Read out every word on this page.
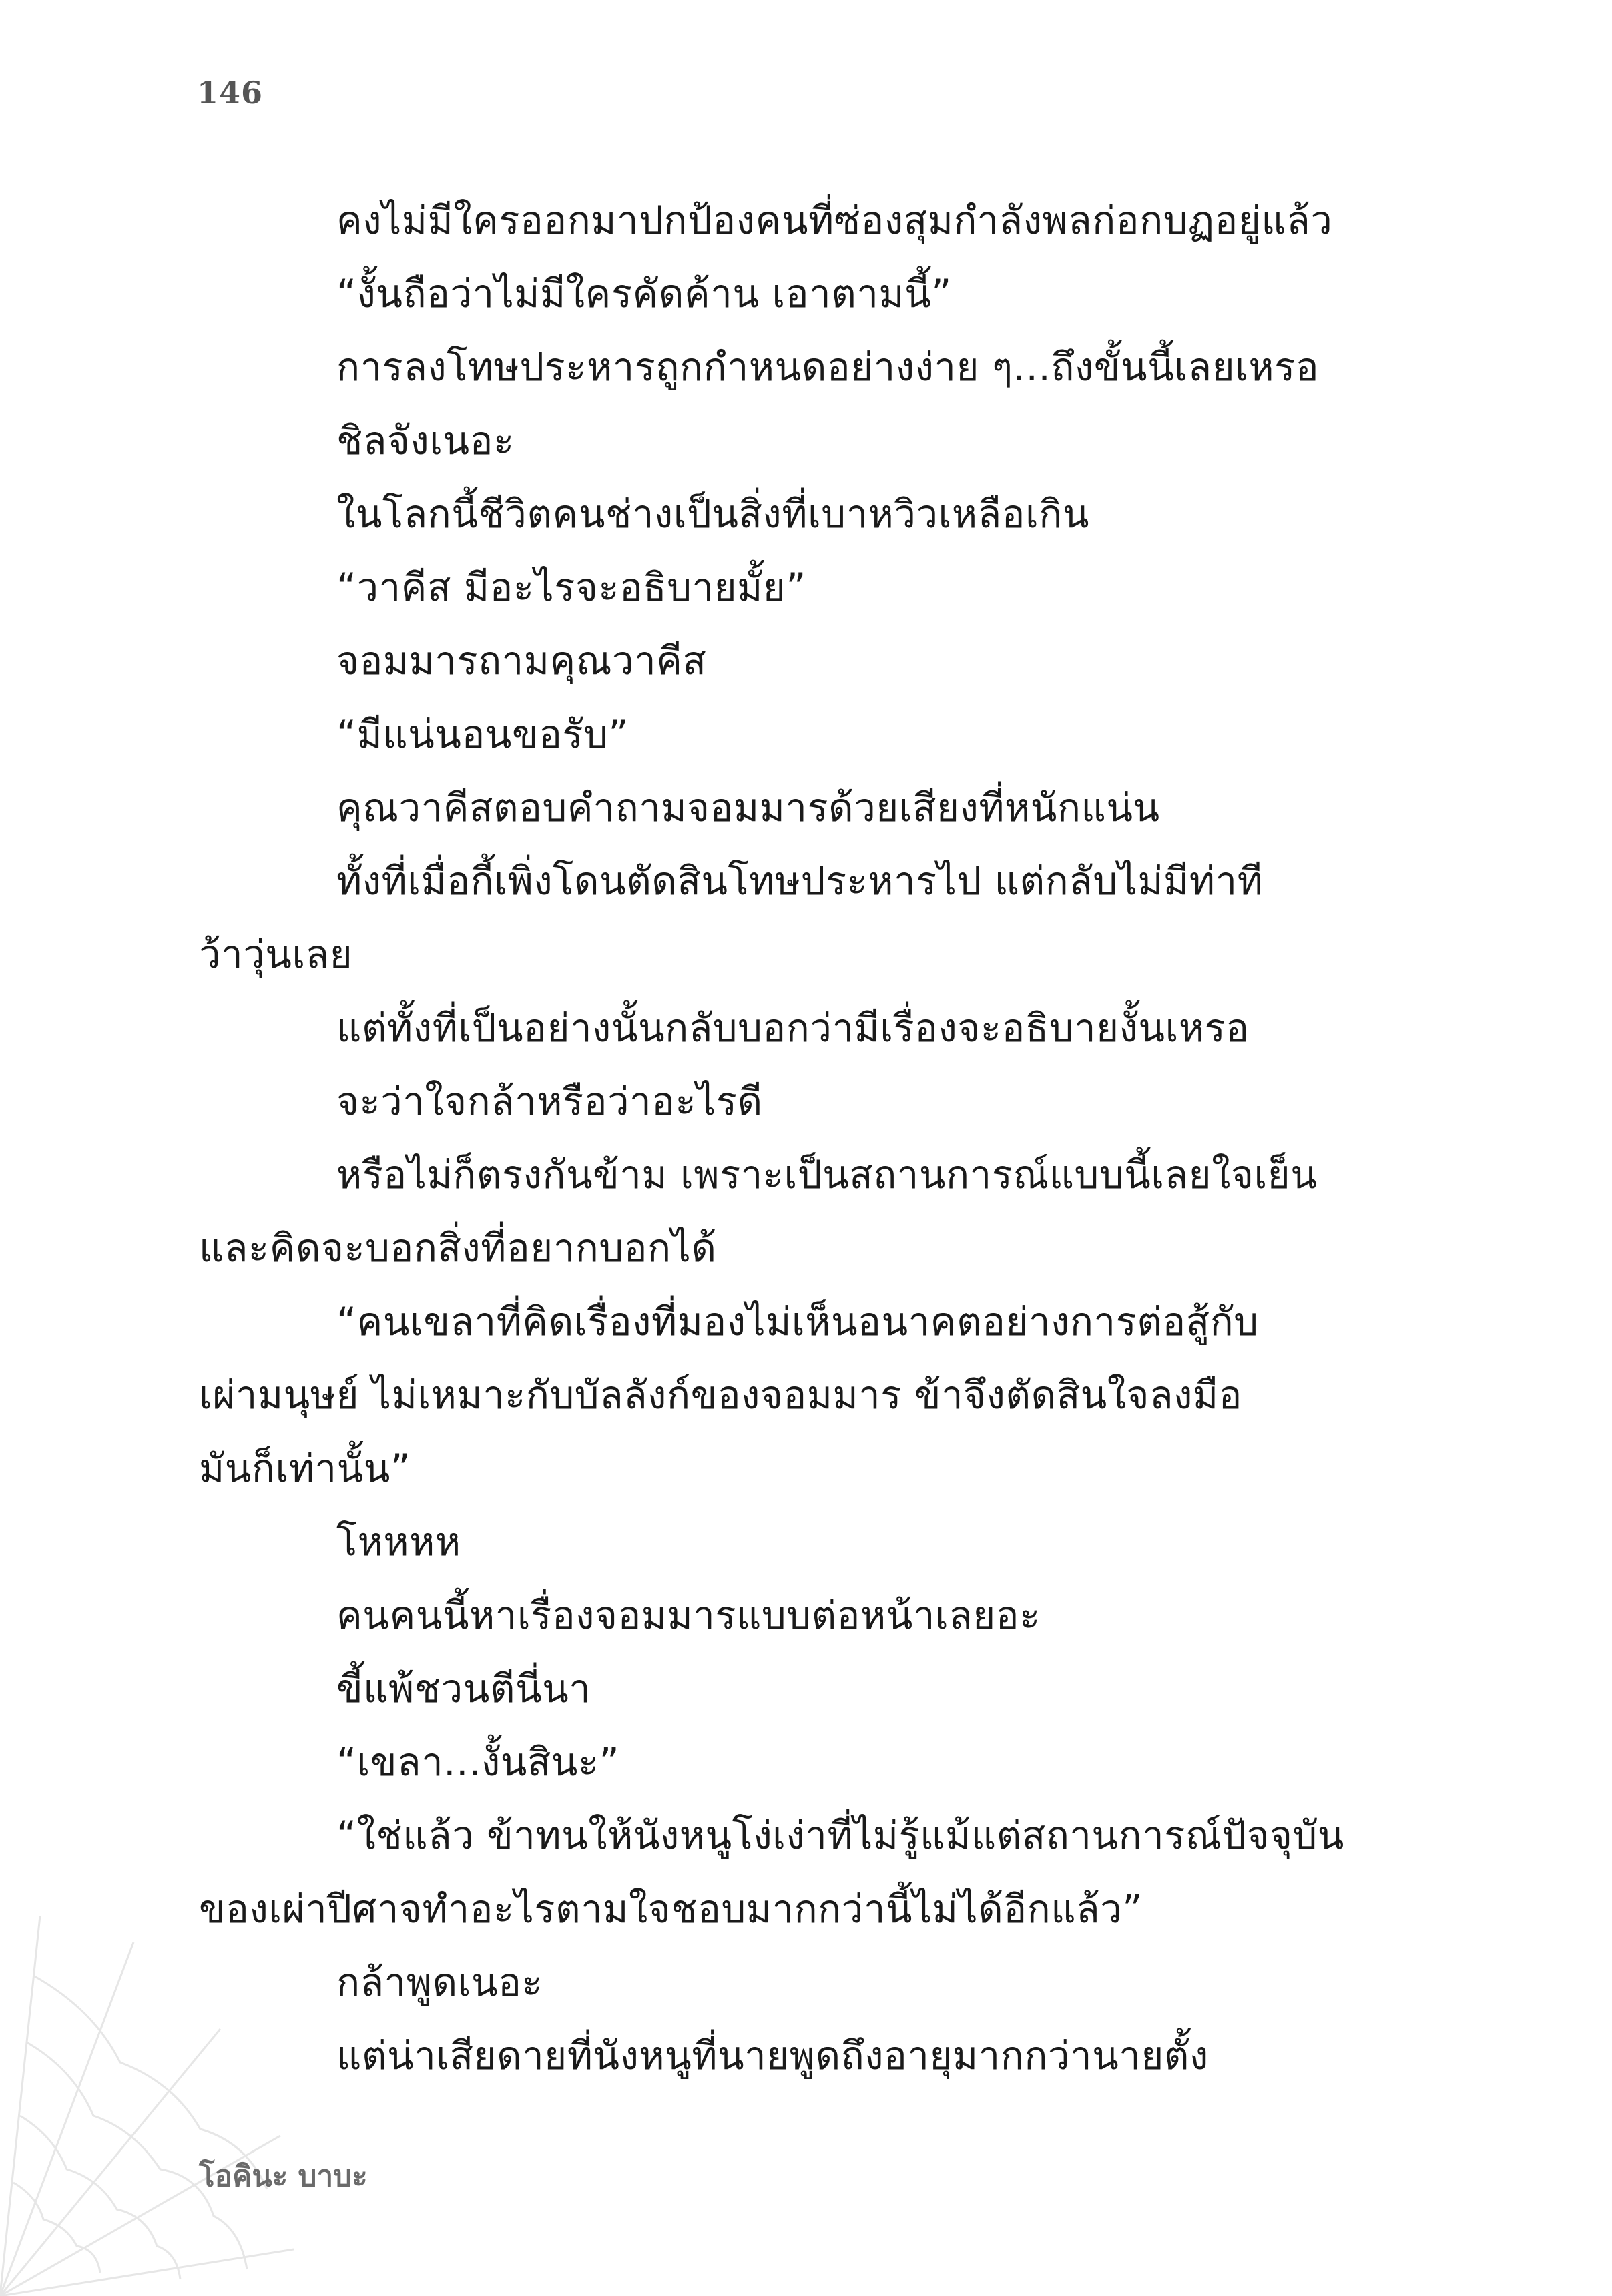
146
คงไม่มีใครออกมาปกป้องคนที่ซ่องสุมกำลังพลก่อกบฏอยู่แล้ว
“งั้นถือว่าไม่มีใครคัดค้าน เอาตามนี้”
การลงโทษประหารถูกกำหนดอย่างง่าย ๆ...ถึงขั้นนี้เลยเหรอ
ชิลจังเนอะ
ในโลกนี้ชีวิตคนช่างเป็นสิ่งที่เบาหวิวเหลือเกิน
“วาคีส มีอะไรจะอธิบายมั้ย”
จอมมารถามคุณวาคีส
“มีแน่นอนขอรับ”
คุณวาคีสตอบคำถามจอมมารด้วยเสียงที่หนักแน่น
ทั้งที่เมื่อกี้เพิ่งโดนตัดสินโทษประหารไป แต่กลับไม่มีท่าที
ว้าวุ่นเลย
แต่ทั้งที่เป็นอย่างนั้นกลับบอกว่ามีเรื่องจะอธิบายงั้นเหรอ
จะว่าใจกล้าหรือว่าอะไรดี
หรือไม่ก็ตรงกันข้าม เพราะเป็นสถานการณ์แบบนี้เลยใจเย็น
และคิดจะบอกสิ่งที่อยากบอกได้
“คนเขลาที่คิดเรื่องที่มองไม่เห็นอนาคตอย่างการต่อสู้กับ
เผ่ามนุษย์ ไม่เหมาะกับบัลลังก์ของจอมมาร ข้าจึงตัดสินใจลงมือ
มันก็เท่านั้น”
โหหหห
คนคนนี้หาเรื่องจอมมารแบบต่อหน้าเลยอะ
ขี้แพ้ชวนตีนี่นา
“เขลา...งั้นสินะ”
“ใช่แล้ว ข้าทนให้นังหนูโง่เง่าที่ไม่รู้แม้แต่สถานการณ์ปัจจุบัน
ของเผ่าปีศาจทำอะไรตามใจชอบมากกว่านี้ไม่ได้อีกแล้ว”
กล้าพูดเนอะ
แต่น่าเสียดายที่นังหนูที่นายพูดถึงอายุมากกว่านายตั้ง
โอคินะ บาบะ
